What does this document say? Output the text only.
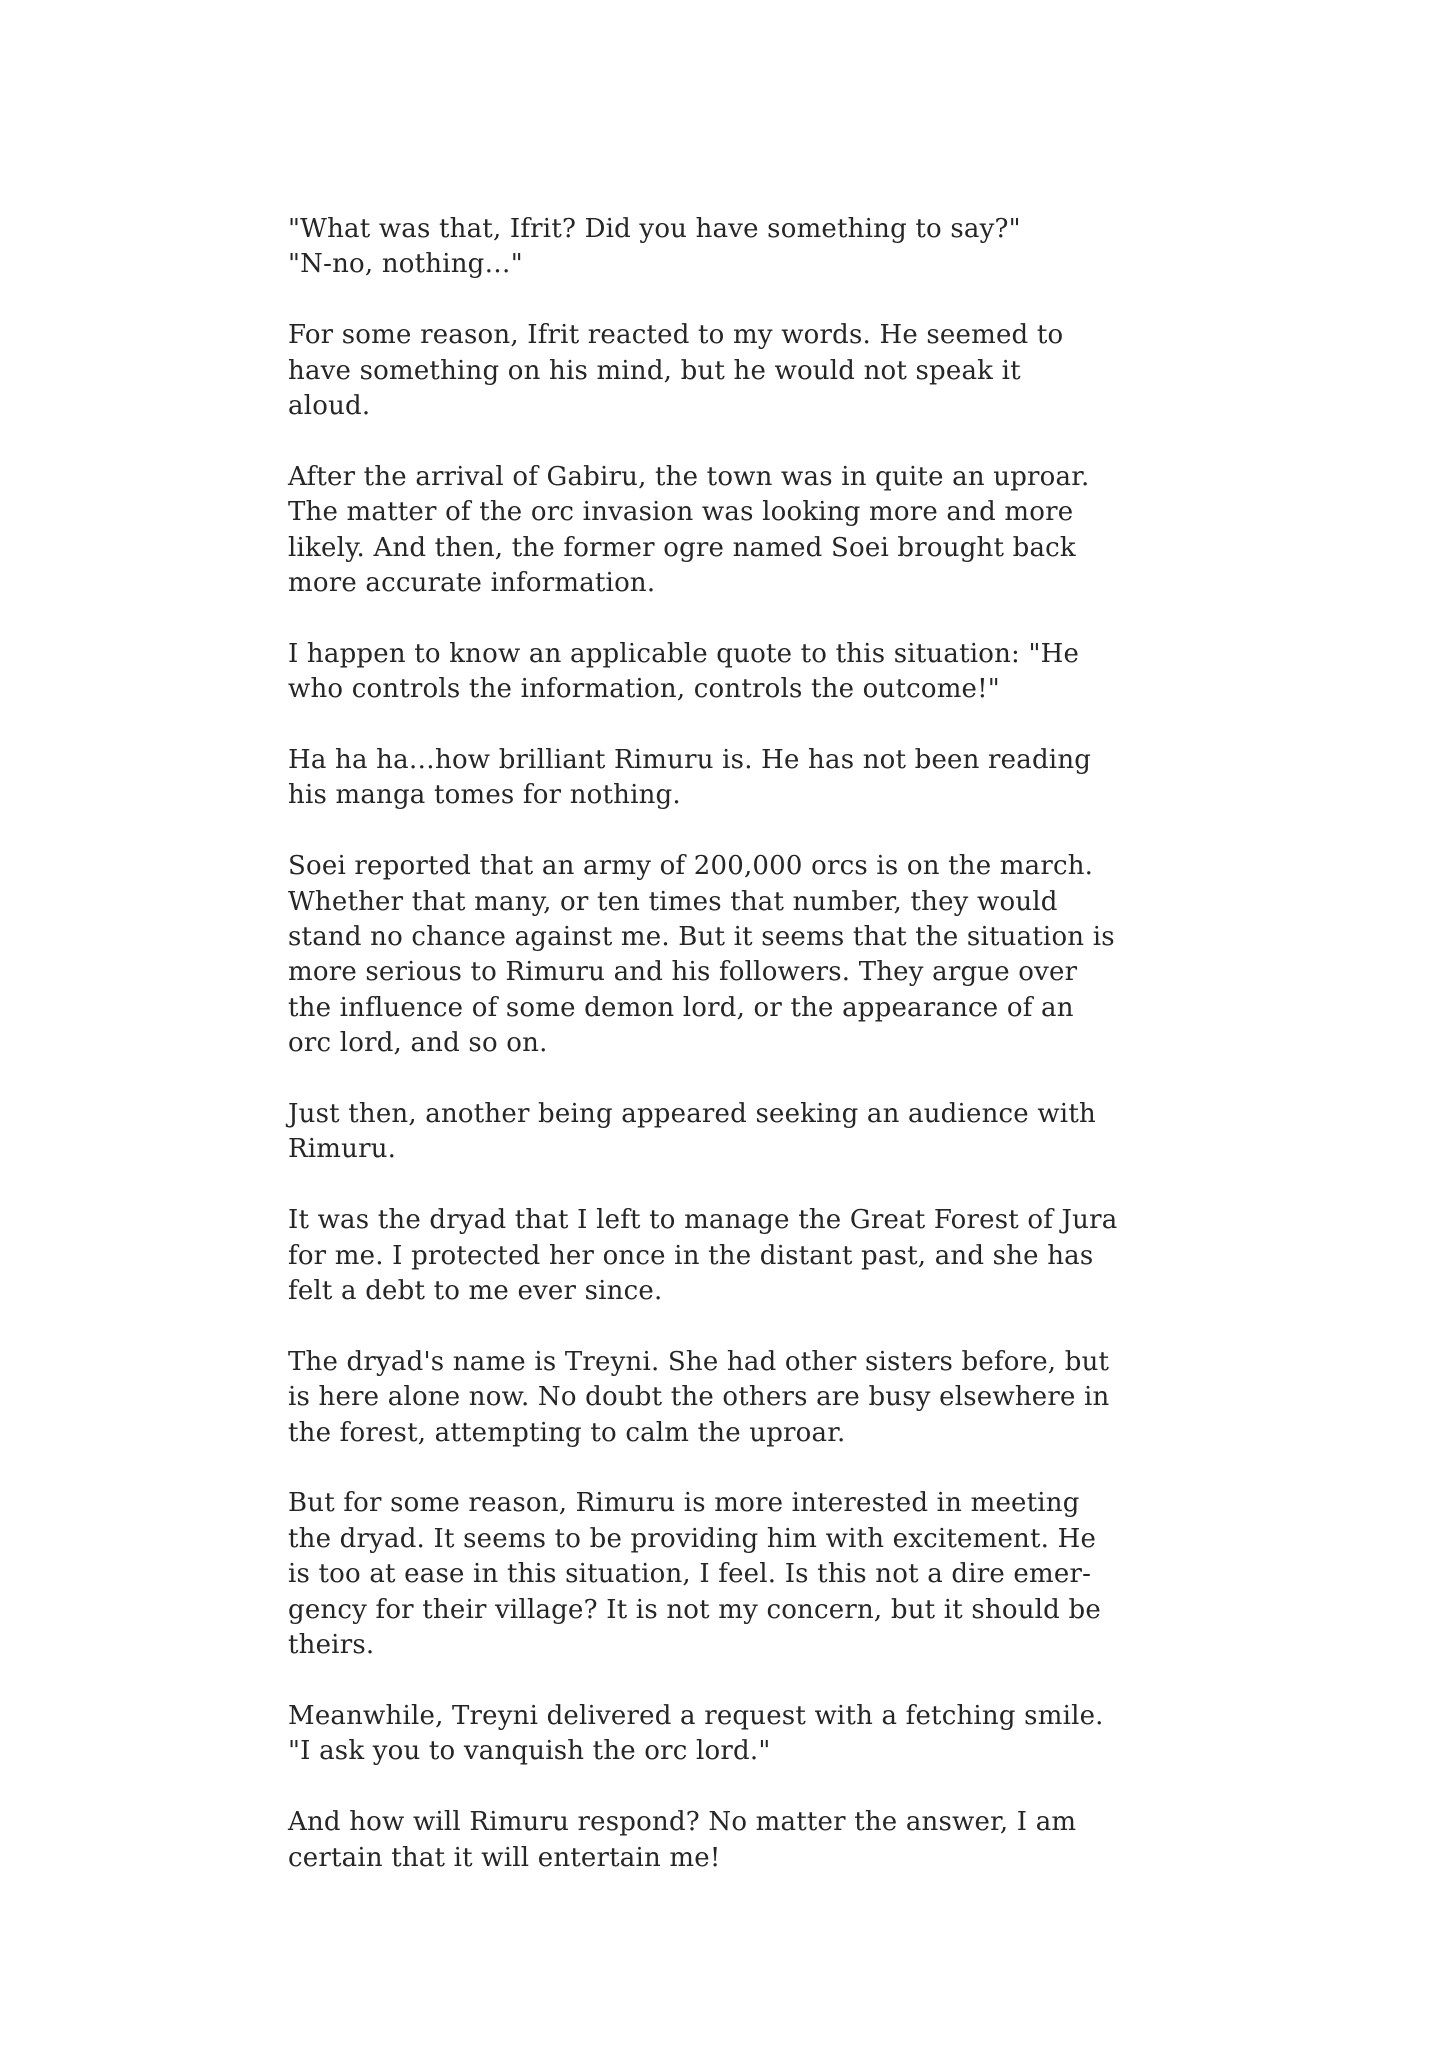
"What was that, Ifrit? Did you have something to say?"
"N-no, nothing…"
For some reason, Ifrit reacted to my words. He seemed to
have something on his mind, but he would not speak it
aloud.
After the arrival of Gabiru, the town was in quite an uproar.
The matter of the orc invasion was looking more and more
likely. And then, the former ogre named Soei brought back
more accurate information.
I happen to know an applicable quote to this situation: "He
who controls the information, controls the outcome!"
Ha ha ha…how brilliant Rimuru is. He has not been reading
his manga tomes for nothing.
Soei reported that an army of 200,000 orcs is on the march.
Whether that many, or ten times that number, they would
stand no chance against me. But it seems that the situation is
more serious to Rimuru and his followers. They argue over
the influence of some demon lord, or the appearance of an
orc lord, and so on.
Just then, another being appeared seeking an audience with
Rimuru.
It was the dryad that I left to manage the Great Forest of Jura
for me. I protected her once in the distant past, and she has
felt a debt to me ever since.
The dryad's name is Treyni. She had other sisters before, but
is here alone now. No doubt the others are busy elsewhere in
the forest, attempting to calm the uproar.
But for some reason, Rimuru is more interested in meeting
the dryad. It seems to be providing him with excitement. He
is too at ease in this situation, I feel. Is this not a dire emer-
gency for their village? It is not my concern, but it should be
theirs.
Meanwhile, Treyni delivered a request with a fetching smile.
"I ask you to vanquish the orc lord."
And how will Rimuru respond? No matter the answer, I am
certain that it will entertain me!
